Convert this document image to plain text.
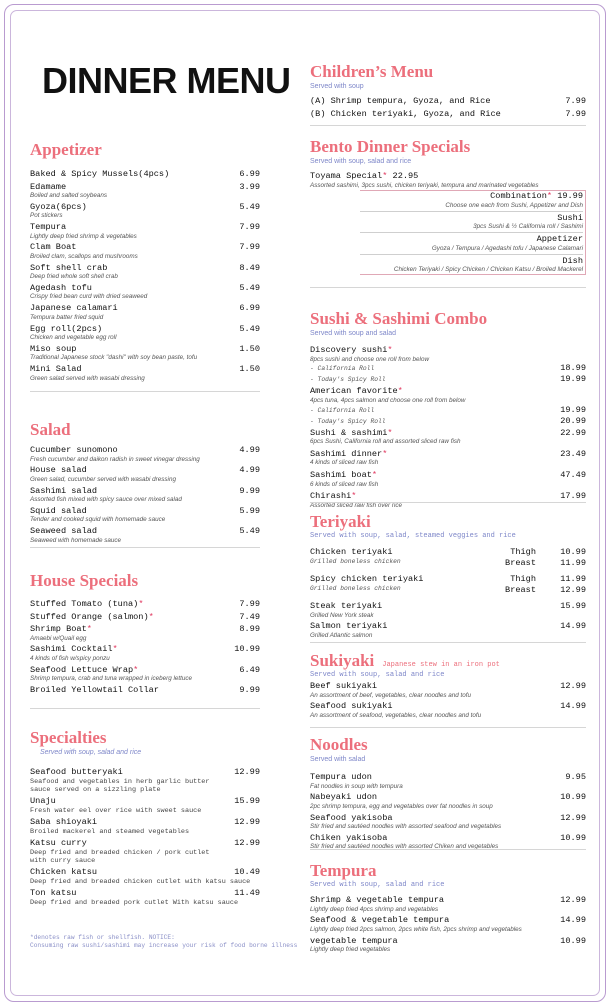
DINNER MENU
Appetizer
Baked & Spicy Mussels(4pcs)	6.99
Edamame	3.99
Boiled and salted soybeans
Gyoza(6pcs)	5.49
Pot stickers
Tempura	7.99
Lightly deep fried shrimp & vegetables
Clam Boat	7.99
Broiled clam, scallops and mushrooms
Soft shell crab	8.49
Deep fried whole soft shell crab
Agedash tofu	5.49
Crispy fried bean curd with dried seaweed
Japanese calamari	6.99
Tempura batter fried squid
Egg roll(2pcs)	5.49
Chicken and vegetable egg roll
Miso soup	1.50
Traditional Japanese stock "dashi" with soy bean paste, tofu
Mini Salad	1.50
Green salad served with wasabi dressing
Salad
Cucumber sunomono	4.99
Fresh cucumber and daikon radish in sweet vinegar dressing
House salad	4.99
Green salad, cucumber served with wasabi dressing
Sashimi salad	9.99
Assorted fish mixed with spicy sauce over mixed salad
Squid salad	5.99
Tender and cooked squid with homemade sauce
Seaweed salad	5.49
Seaweed with homemade sauce
House Specials
Stuffed Tomato (tuna)*	7.99
Stuffed Orange (salmon)*	7.49
Shrimp Boat*	8.99
Amaebi w/Quail egg
Sashimi Cocktail*	10.99
4 kinds of fish w/spicy ponzu
Seafood Lettuce Wrap*	6.49
Shrimp tempura, crab and tuna wrapped in iceberg lettuce
Broiled Yellowtail Collar	9.99
Specialties
Served with soup, salad and rice
Seafood butteryaki	12.99
Seafood and vegetables in herb garlic butter
sauce served on a sizzling plate
Unaju	15.99
Fresh water eel over rice with sweet sauce
Saba shioyaki	12.99
Broiled mackerel and steamed vegetables
Katsu curry	12.99
Deep fried and breaded chicken / pork cutlet
with curry sauce
Chicken katsu	10.49
Deep fried and breaded chicken cutlet with katsu sauce
Ton katsu	11.49
Deep fried and breaded pork cutlet With katsu sauce
*denotes raw fish or shellfish. NOTICE:
Consuming raw sushi/sashimi may increase your risk of food borne illness
Children’s Menu
Served with soup
(A) Shrimp tempura, Gyoza, and Rice	7.99
(B) Chicken teriyaki, Gyoza, and Rice	7.99
Bento Dinner Specials
Served with soup, salad and rice
Toyama Special* 22.95
Assorted sashimi, 3pcs sushi, chicken teriyaki, tempura and marinated vegetables
Combination* 19.99
Choose one each from Sushi, Appetizer and Dish
Sushi
3pcs Sushi & ½ California roll / Sashimi
Appetizer
Gyoza / Tempura / Agedashi tofu / Japanese Calamari
Dish
Chicken Teriyaki / Spicy Chicken / Chicken Katsu / Broiled Mackerel
Sushi & Sashimi Combo
Served with soup and salad
Discovery sushi*
8pcs sushi and choose one roll from below
- California Roll	18.99
- Today's Spicy Roll	19.99
American favorite*
4pcs tuna, 4pcs salmon and choose one roll from below
- California Roll	19.99
- Today's Spicy Roll	20.99
Sushi & sashimi*	22.99
6pcs Sushi, California roll and assorted sliced raw fish
Sashimi dinner*	23.49
4 kinds of sliced raw fish
Sashimi boat*	47.49
6 kinds of sliced raw fish
Chirashi*	17.99
Assorted sliced raw fish over rice
Teriyaki
Served with soup, salad, steamed veggies and rice
Chicken teriyaki	Thigh	10.99
Grilled boneless chicken	Breast	11.99
Spicy chicken teriyaki	Thigh	11.99
Grilled boneless chicken	Breast	12.99
Steak teriyaki	15.99
Grilled New York steak
Salmon teriyaki	14.99
Grilled Atlantic salmon
Sukiyaki Japanese stew in an iron pot
Served with soup, salad and rice
Beef sukiyaki	12.99
An assortment of beef, vegetables, clear noodles and tofu
Seafood sukiyaki	14.99
An assortment of seafood, vegetables, clear noodles and tofu
Noodles
Served with salad
Tempura udon	9.95
Fat noodles in soup with tempura
Nabeyaki udon	10.99
2pc shrimp tempura, egg and vegetables over fat noodles in soup
Seafood yakisoba	12.99
Stir fried and sautéed noodles with assorted seafood and vegetables
Chiken yakisoba	10.99
Stir fried and sautéed noodles with assorted Chiken and vegetables
Tempura
Served with soup, salad and rice
Shrimp & vegetable tempura	12.99
Lightly deep fried 4pcs shrimp and vegetables
Seafood & vegetable tempura	14.99
Lightly deep fried 2pcs salmon, 2pcs white fish, 2pcs shrimp and vegetables
vegetable tempura	10.99
Lightly deep fried vegetables
